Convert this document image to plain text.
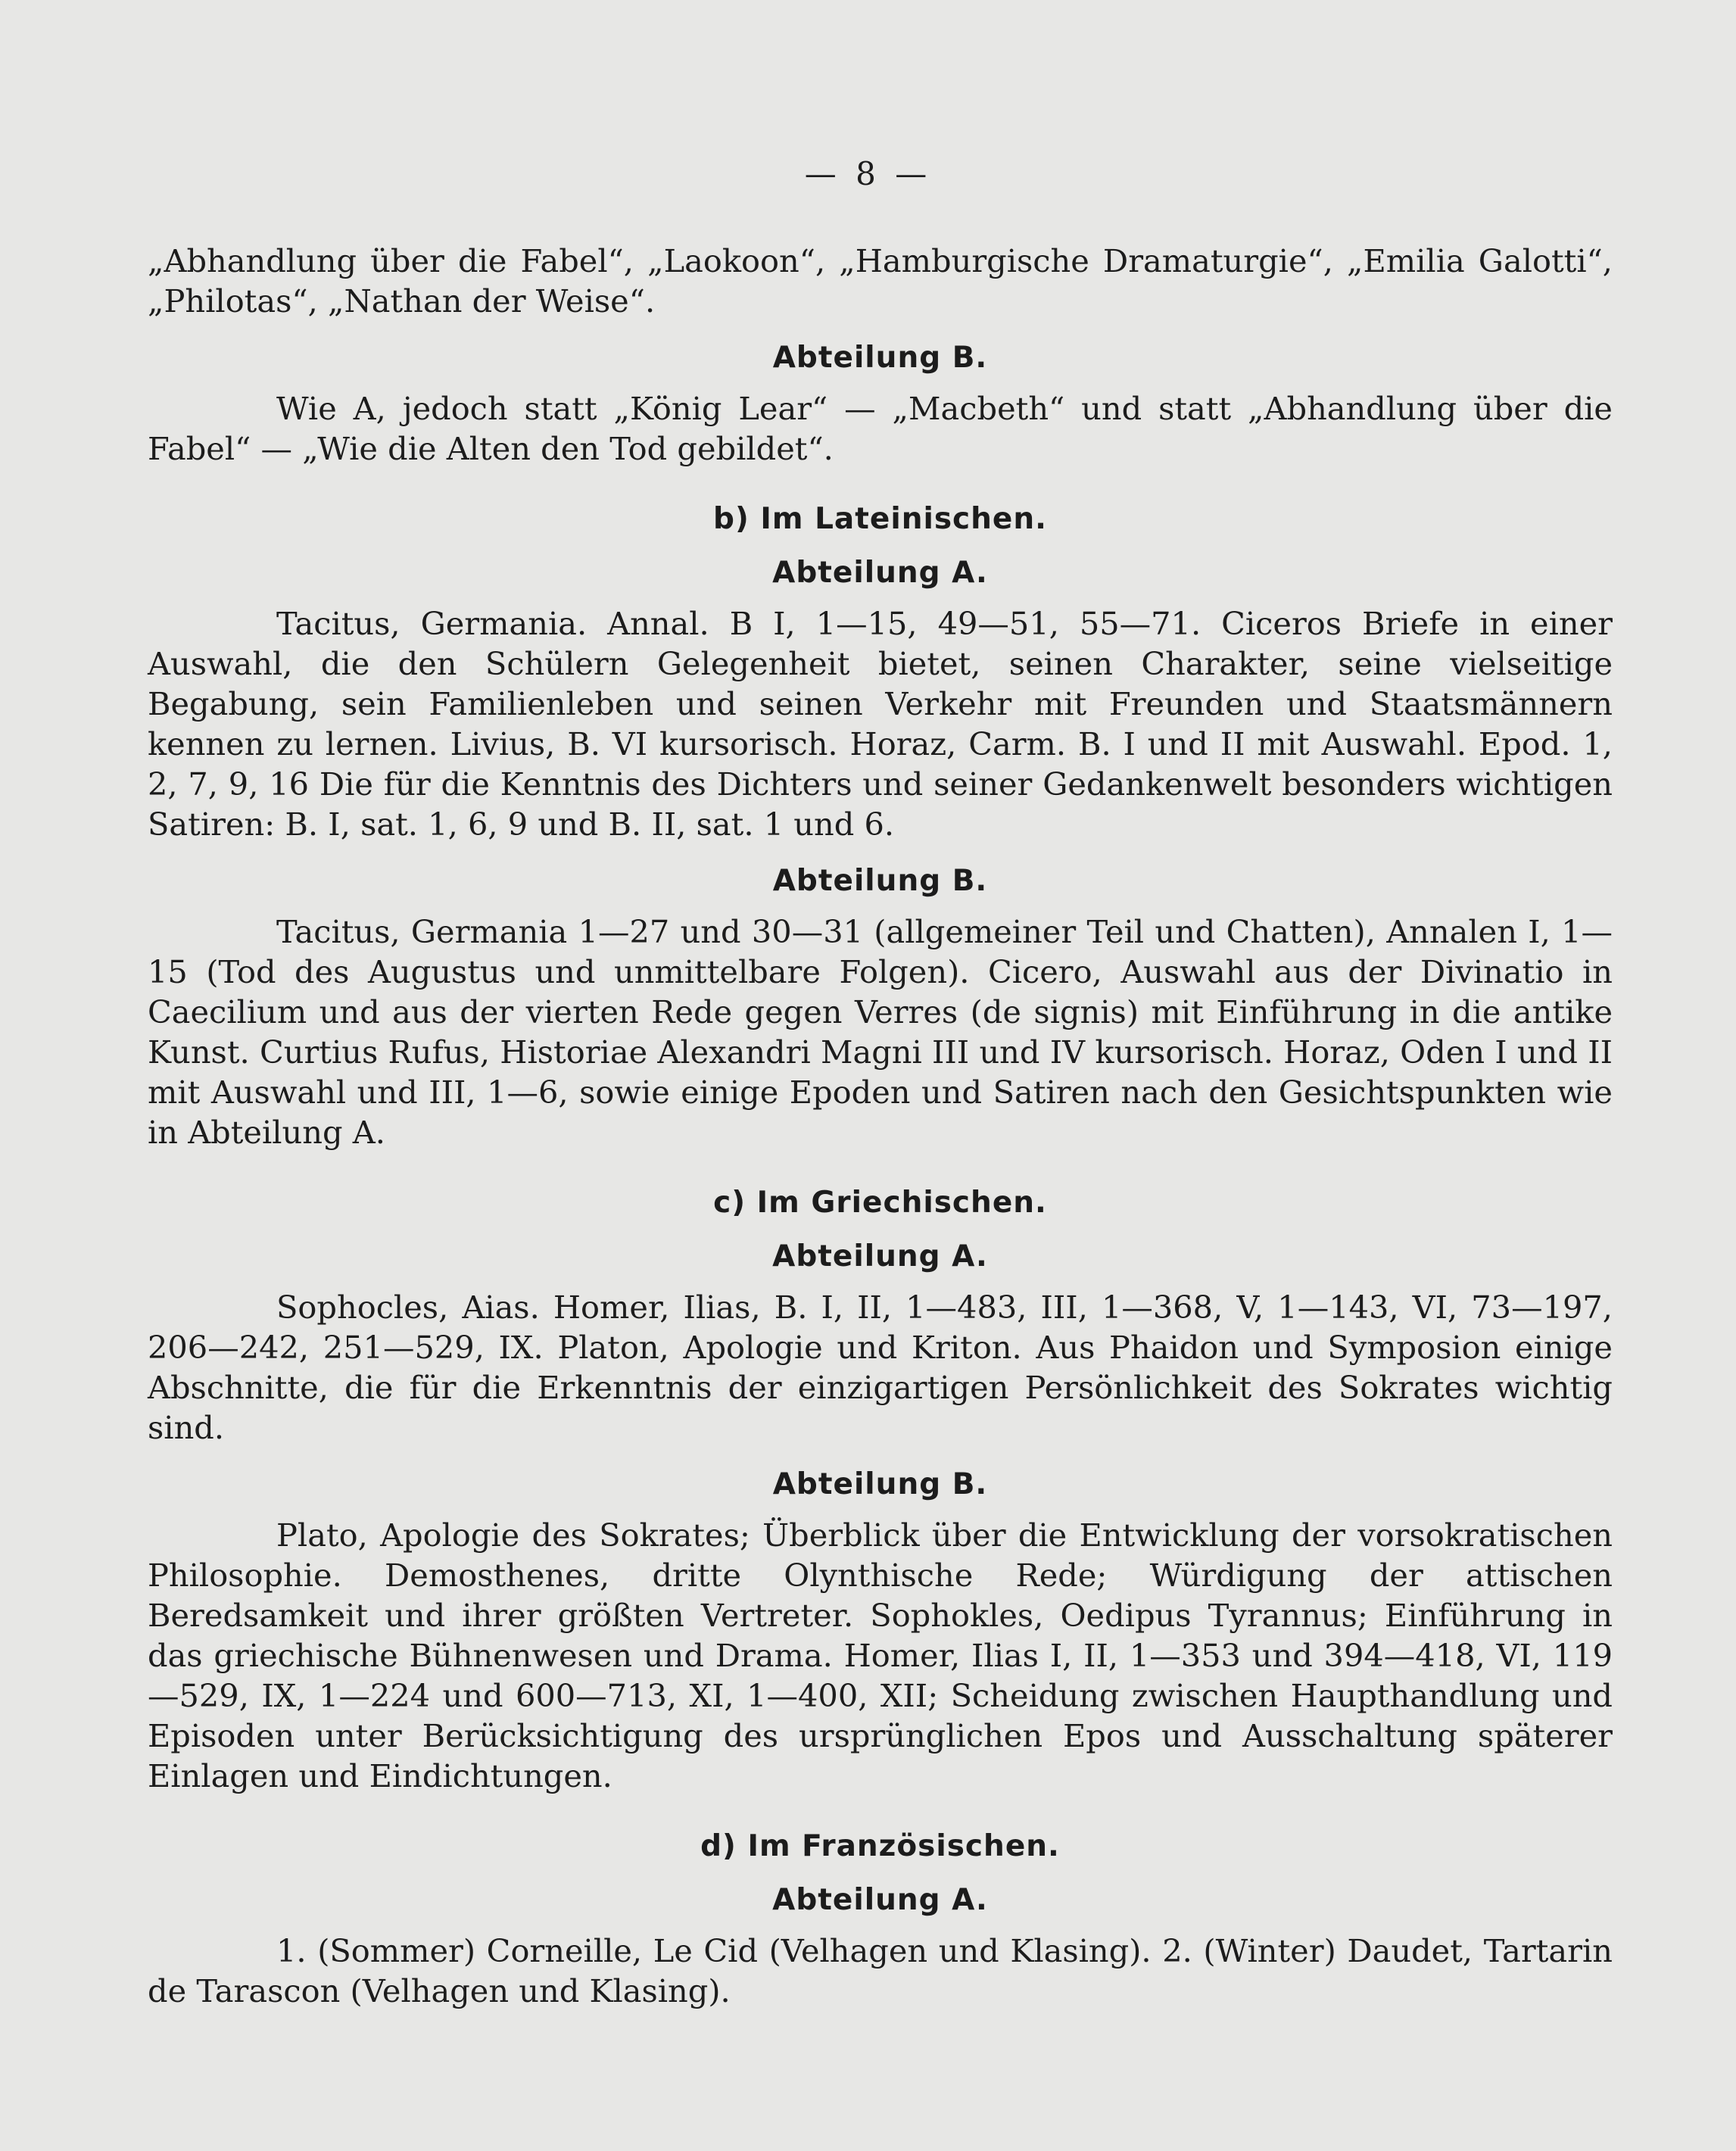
— 8 —

„Abhandlung über die Fabel“, „Laokoon“, „Hamburgische Dramaturgie“, „Emilia Galotti“, „Philotas“, „Nathan der Weise“.

Abteilung B.

Wie A, jedoch statt „König Lear“ — „Macbeth“ und statt „Abhandlung über die Fabel“ — „Wie die Alten den Tod gebildet“.

b) Im Lateinischen.
Abteilung A.

Tacitus, Germania. Annal. B I, 1—15, 49—51, 55—71. Ciceros Briefe in einer Auswahl, die den Schülern Gelegenheit bietet, seinen Charakter, seine vielseitige Begabung, sein Familienleben und seinen Verkehr mit Freunden und Staatsmännern kennen zu lernen. Livius, B. VI kursorisch. Horaz, Carm. B. I und II mit Auswahl. Epod. 1, 2, 7, 9, 16 Die für die Kenntnis des Dichters und seiner Gedankenwelt besonders wichtigen Satiren: B. I, sat. 1, 6, 9 und B. II, sat. 1 und 6.

Abteilung B.

Tacitus, Germania 1—27 und 30—31 (allgemeiner Teil und Chatten), Annalen I, 1—15 (Tod des Augustus und unmittelbare Folgen). Cicero, Auswahl aus der Divinatio in Caecilium und aus der vierten Rede gegen Verres (de signis) mit Einführung in die antike Kunst. Curtius Rufus, Historiae Alexandri Magni III und IV kursorisch. Horaz, Oden I und II mit Auswahl und III, 1—6, sowie einige Epoden und Satiren nach den Gesichtspunkten wie in Abteilung A.

c) Im Griechischen.
Abteilung A.

Sophocles, Aias. Homer, Ilias, B. I, II, 1—483, III, 1—368, V, 1—143, VI, 73—197, 206—242, 251—529, IX. Platon, Apologie und Kriton. Aus Phaidon und Symposion einige Abschnitte, die für die Erkenntnis der einzigartigen Persönlichkeit des Sokrates wichtig sind.

Abteilung B.

Plato, Apologie des Sokrates; Überblick über die Entwicklung der vorsokratischen Philosophie. Demosthenes, dritte Olynthische Rede; Würdigung der attischen Beredsamkeit und ihrer größten Vertreter. Sophokles, Oedipus Tyrannus; Einführung in das griechische Bühnenwesen und Drama. Homer, Ilias I, II, 1—353 und 394—418, VI, 119—529, IX, 1—224 und 600—713, XI, 1—400, XII; Scheidung zwischen Haupthandlung und Episoden unter Berücksichtigung des ursprünglichen Epos und Ausschaltung späterer Einlagen und Eindichtungen.

d) Im Französischen.
Abteilung A.

1. (Sommer) Corneille, Le Cid (Velhagen und Klasing). 2. (Winter) Daudet, Tartarin de Tarascon (Velhagen und Klasing).
